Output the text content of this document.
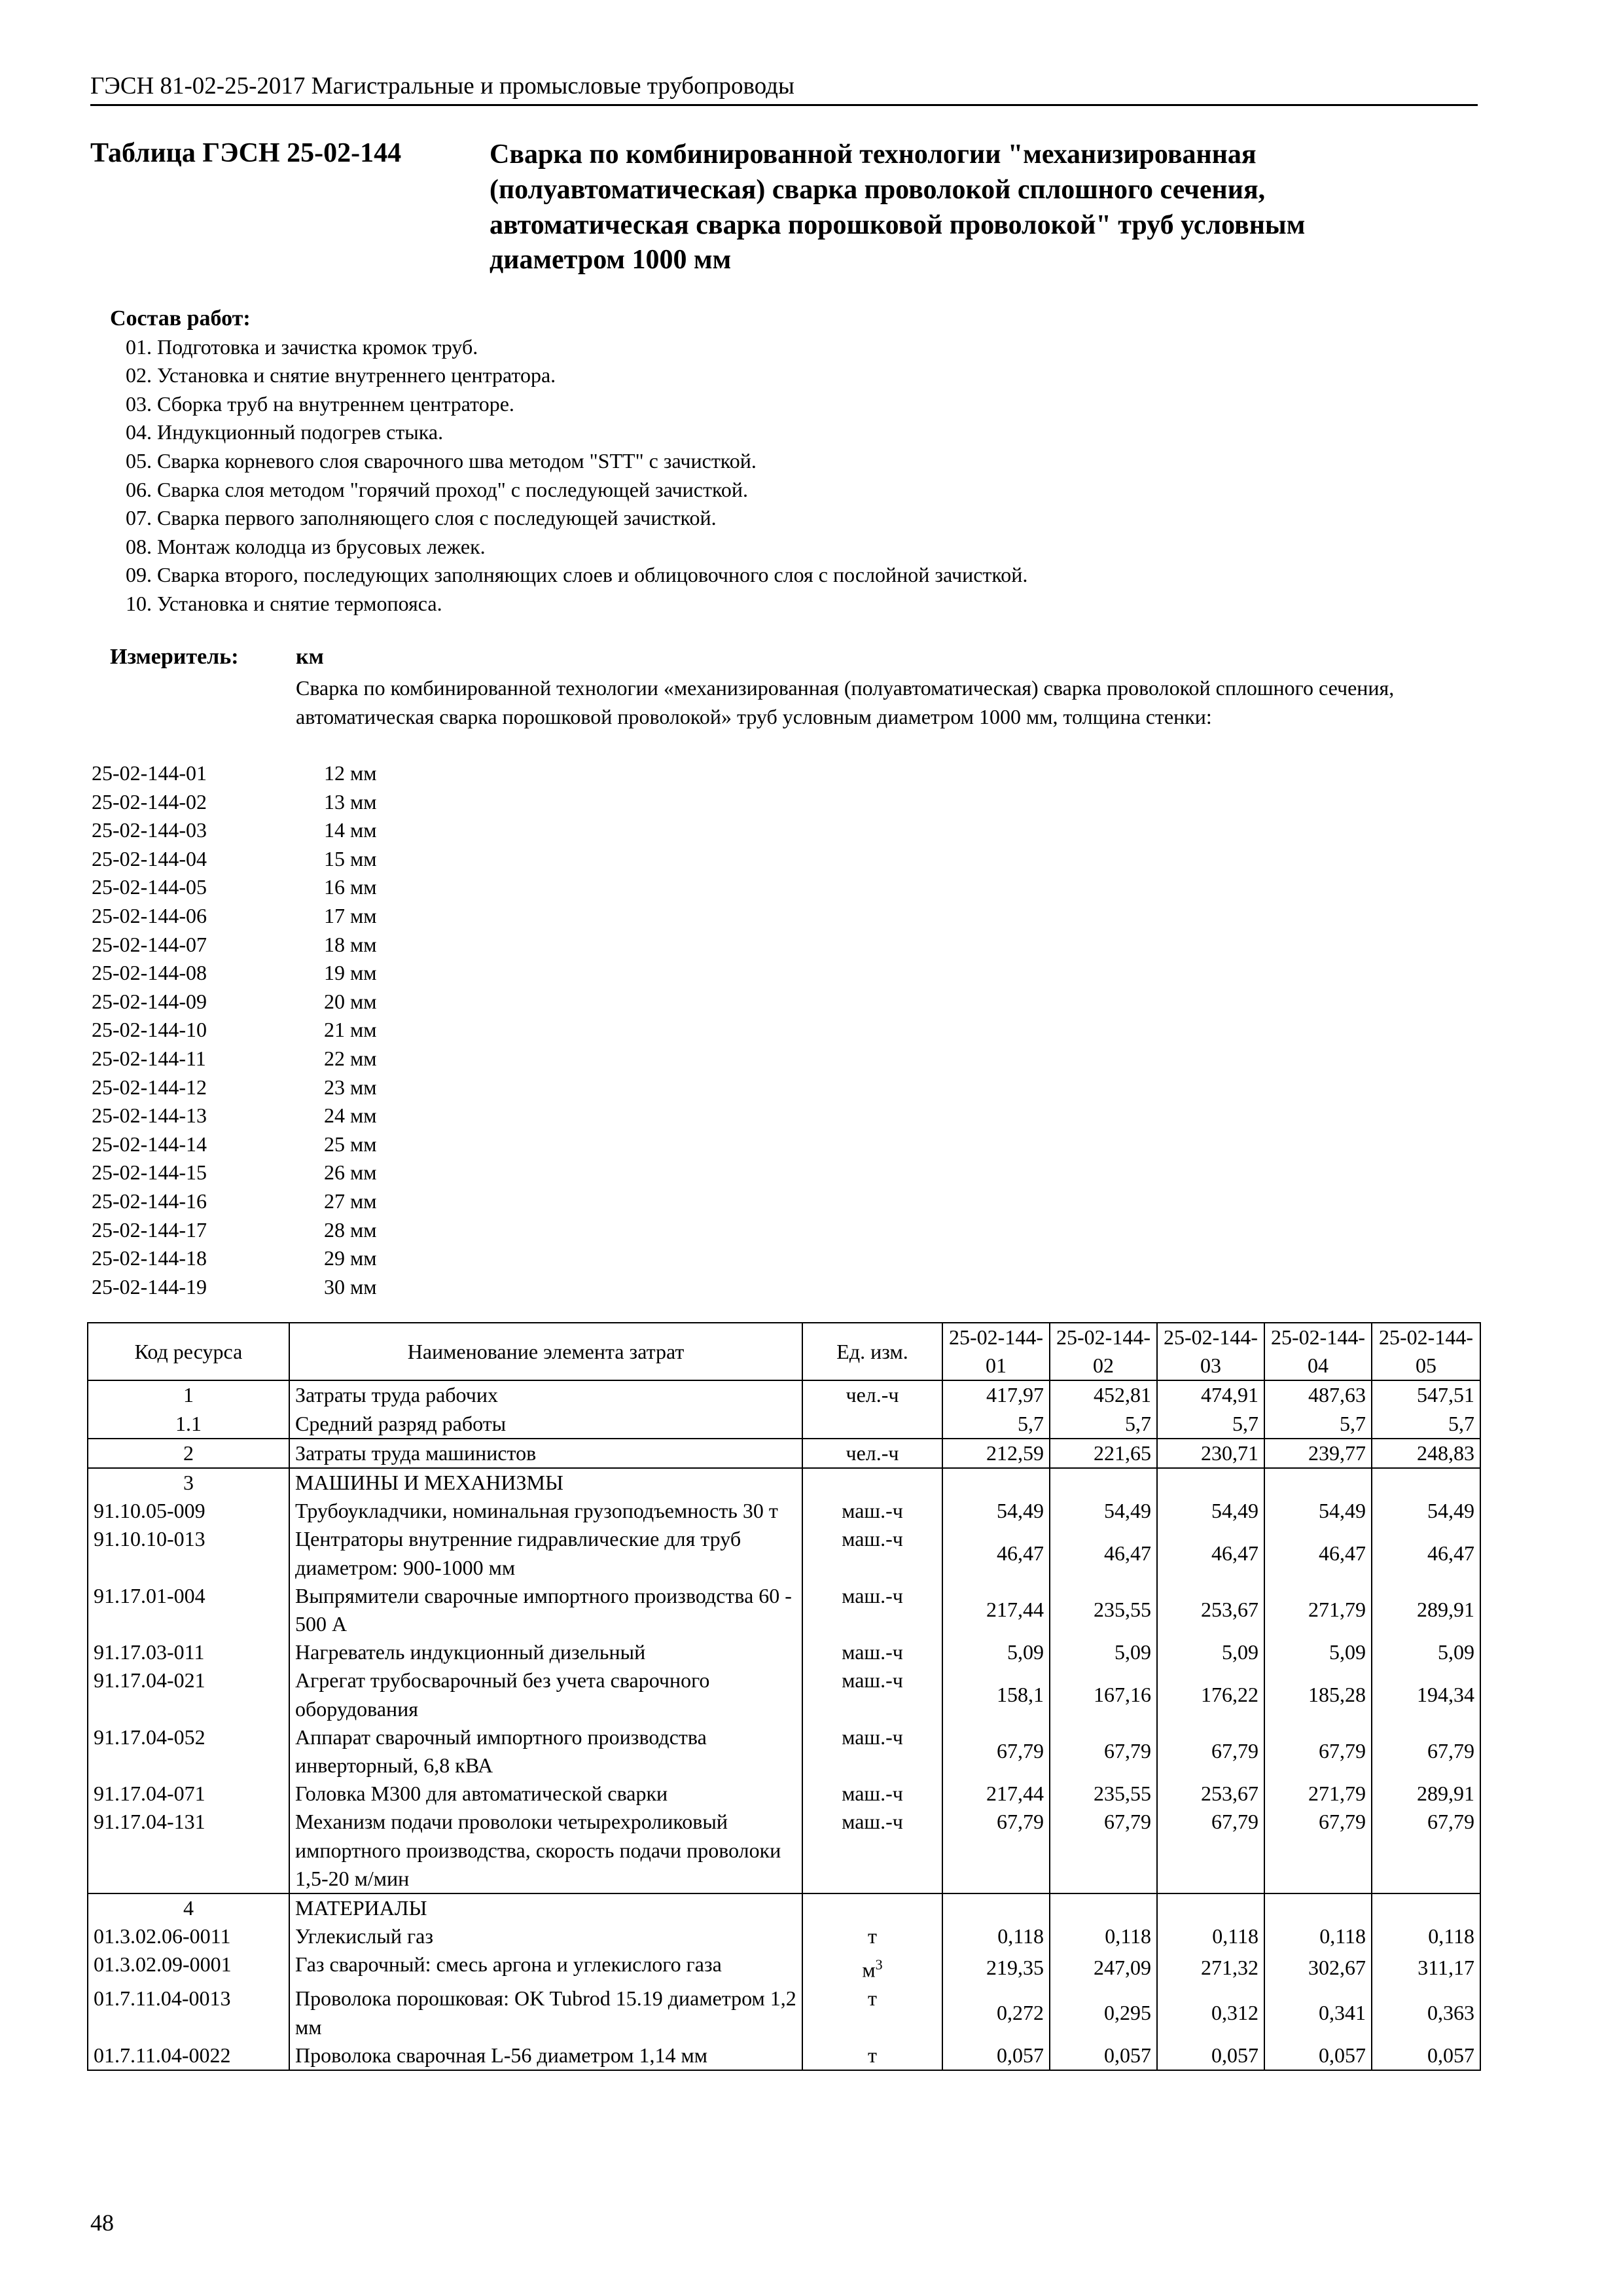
ГЭСН 81-02-25-2017 Магистральные и промысловые трубопроводы
Таблица ГЭСН 25-02-144	Сварка по комбинированной технологии "механизированная (полуавтоматическая) сварка проволокой сплошного сечения, автоматическая сварка порошковой проволокой" труб условным диаметром 1000 мм
Состав работ:
01. Подготовка и зачистка кромок труб.
02. Установка и снятие внутреннего центратора.
03. Сборка труб на внутреннем центраторе.
04. Индукционный подогрев стыка.
05. Сварка корневого слоя сварочного шва методом "STT" с зачисткой.
06. Сварка слоя методом "горячий проход" с последующей зачисткой.
07. Сварка первого заполняющего слоя с последующей зачисткой.
08. Монтаж колодца из брусовых лежек.
09. Сварка второго, последующих заполняющих слоев и облицовочного слоя с послойной зачисткой.
10. Установка и снятие термопояса.
Измеритель:	км
Сварка по комбинированной технологии «механизированная (полуавтоматическая) сварка проволокой сплошного сечения, автоматическая сварка порошковой проволокой» труб условным диаметром 1000 мм, толщина стенки:
25-02-144-01	12 мм
25-02-144-02	13 мм
25-02-144-03	14 мм
25-02-144-04	15 мм
25-02-144-05	16 мм
25-02-144-06	17 мм
25-02-144-07	18 мм
25-02-144-08	19 мм
25-02-144-09	20 мм
25-02-144-10	21 мм
25-02-144-11	22 мм
25-02-144-12	23 мм
25-02-144-13	24 мм
25-02-144-14	25 мм
25-02-144-15	26 мм
25-02-144-16	27 мм
25-02-144-17	28 мм
25-02-144-18	29 мм
25-02-144-19	30 мм
Код ресурса	Наименование элемента затрат	Ед. изм.	25-02-144-01	25-02-144-02	25-02-144-03	25-02-144-04	25-02-144-05
1	Затраты труда рабочих	чел.-ч	417,97	452,81	474,91	487,63	547,51
1.1	Средний разряд работы		5,7	5,7	5,7	5,7	5,7
2	Затраты труда машинистов	чел.-ч	212,59	221,65	230,71	239,77	248,83
3	МАШИНЫ И МЕХАНИЗМЫ						
91.10.05-009	Трубоукладчики, номинальная грузоподъемность 30 т	маш.-ч	54,49	54,49	54,49	54,49	54,49
91.10.10-013	Центраторы внутренние гидравлические для труб диаметром: 900-1000 мм	маш.-ч	46,47	46,47	46,47	46,47	46,47
91.17.01-004	Выпрямители сварочные импортного производства 60 - 500 А	маш.-ч	217,44	235,55	253,67	271,79	289,91
91.17.03-011	Нагреватель индукционный дизельный	маш.-ч	5,09	5,09	5,09	5,09	5,09
91.17.04-021	Агрегат трубосварочный без учета сварочного оборудования	маш.-ч	158,1	167,16	176,22	185,28	194,34
91.17.04-052	Аппарат сварочный импортного производства инверторный, 6,8 кВА	маш.-ч	67,79	67,79	67,79	67,79	67,79
91.17.04-071	Головка М300 для автоматической сварки	маш.-ч	217,44	235,55	253,67	271,79	289,91
91.17.04-131	Механизм подачи проволоки четырехроликовый импортного производства, скорость подачи проволоки 1,5-20 м/мин	маш.-ч	67,79	67,79	67,79	67,79	67,79
4	МАТЕРИАЛЫ						
01.3.02.06-0011	Углекислый газ	т	0,118	0,118	0,118	0,118	0,118
01.3.02.09-0001	Газ сварочный: смесь аргона и углекислого газа	$м^3$	219,35	247,09	271,32	302,67	311,17
01.7.11.04-0013	Проволока порошковая: OK Tubrod 15.19 диаметром 1,2 мм	т	0,272	0,295	0,312	0,341	0,363
01.7.11.04-0022	Проволока сварочная L-56 диаметром 1,14 мм	т	0,057	0,057	0,057	0,057	0,057
48
